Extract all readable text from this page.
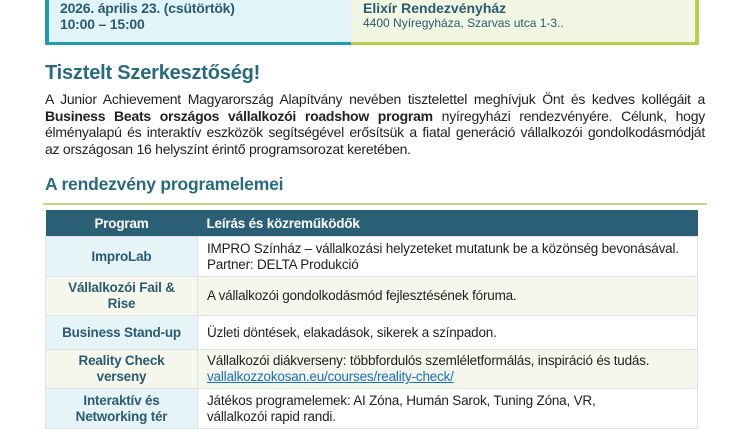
2026. április 23. (csütörtök)
10:00 – 15:00
Elixír Rendezvényház
4400 Nyíregyháza, Szarvas utca 1-3..
Tisztelt Szerkesztőség!
A Junior Achievement Magyarország Alapítvány nevében tisztelettel meghívjuk Önt és kedves kollégáit a
Business Beats országos vállalkozói roadshow program nyíregyházi rendezvényére. Célunk, hogy
élményalapú és interaktív eszközök segítségével erősítsük a fiatal generáció vállalkozói gondolkodásmódját
az országosan 16 helyszínt érintő programsorozat keretében.
A rendezvény programelemei
Program	Leírás és közreműködők
ImproLab	IMPRO Színház – vállalkozási helyzeteket mutatunk be a közönség bevonásával.
Partner: DELTA Produkció

Vállalkozói Fail & Rise	A vállalkozói gondolkodásmód fejlesztésének fóruma.
Business Stand-up	Üzleti döntések, elakadások, sikerek a színpadon.
Reality Check verseny	Vállalkozói diákverseny: többfordulós szemléletformálás, inspiráció és tudás.
vallalkozzokosan.eu/courses/reality-check/
Interaktív és Networking tér	Játékos programelemek: AI Zóna, Humán Sarok, Tuning Zóna, VR,
vállalkozói rapid randi.
